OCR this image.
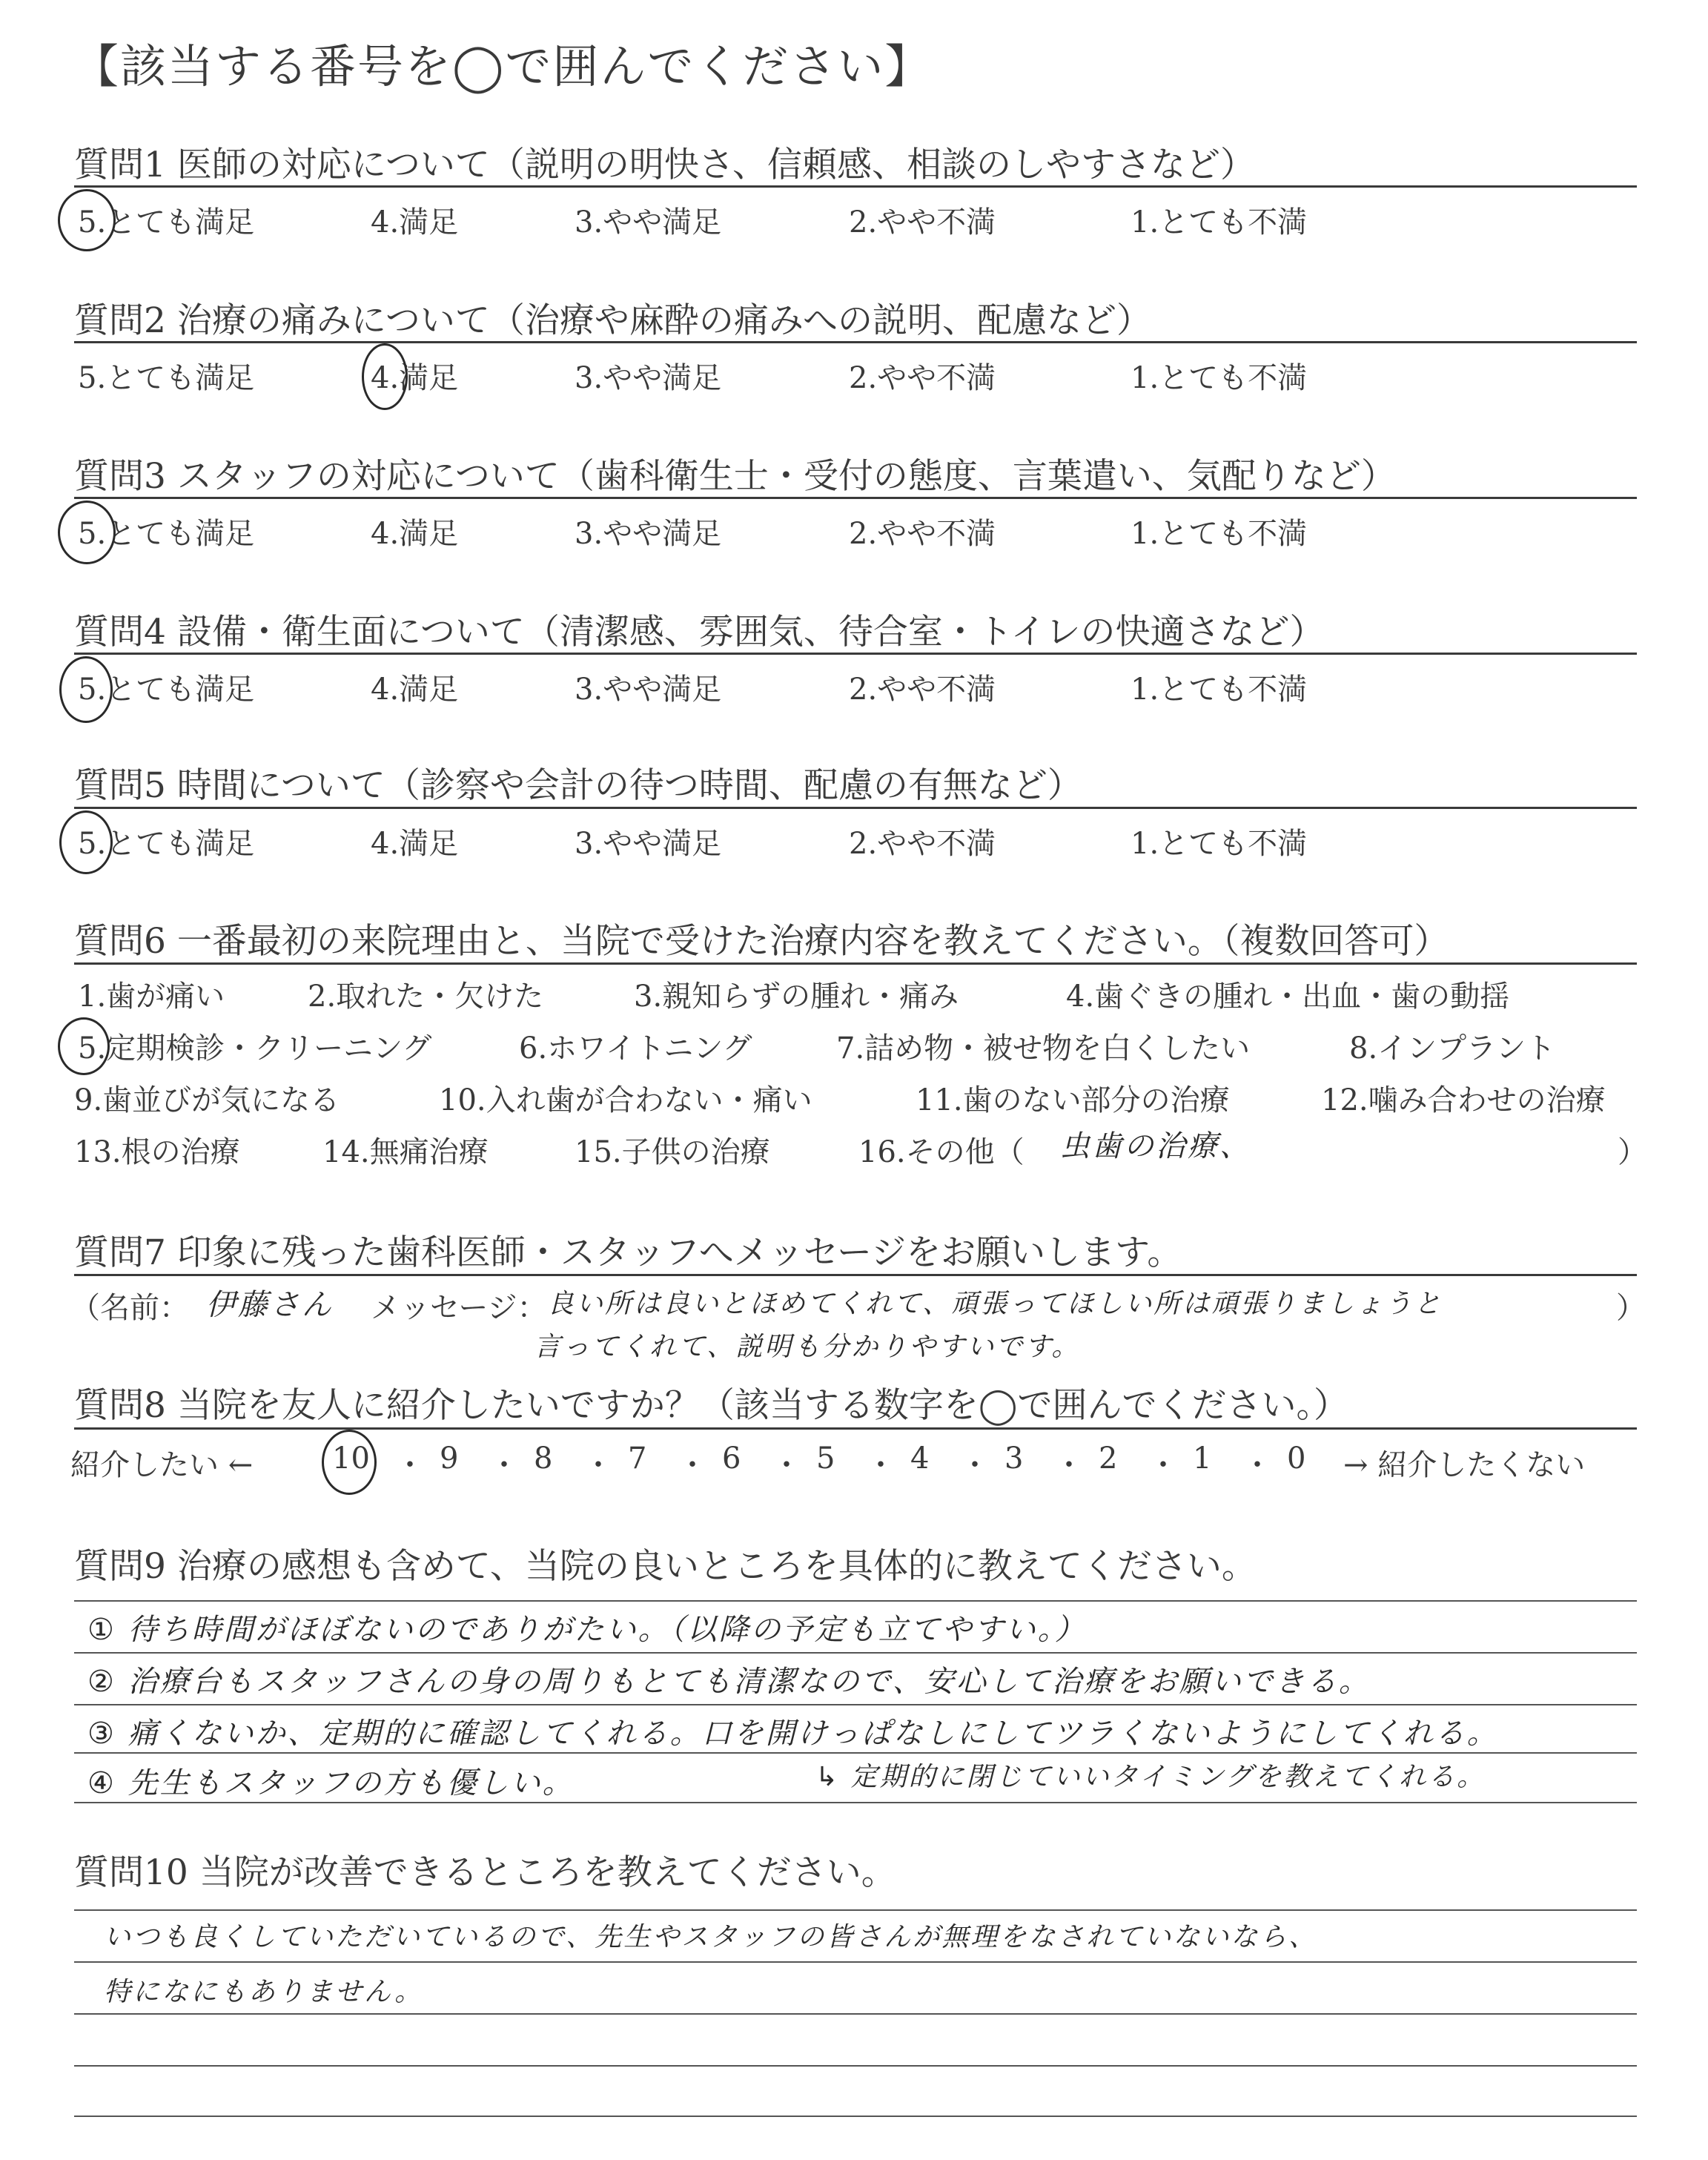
【該当する番号を◯で囲んでください】
質問1 医師の対応について（説明の明快さ、信頼感、相談のしやすさなど）
5.とても満足	4.満足	3.やや満足	2.やや不満	1.とても不満
質問2 治療の痛みについて（治療や麻酔の痛みへの説明、配慮など）
5.とても満足	4.満足	3.やや満足	2.やや不満	1.とても不満
質問3 スタッフの対応について（歯科衛生士・受付の態度、言葉遣い、気配りなど）
5.とても満足	4.満足	3.やや満足	2.やや不満	1.とても不満
質問4 設備・衛生面について（清潔感、雰囲気、待合室・トイレの快適さなど）
5.とても満足	4.満足	3.やや満足	2.やや不満	1.とても不満
質問5 時間について（診察や会計の待つ時間、配慮の有無など）
5.とても満足	4.満足	3.やや満足	2.やや不満	1.とても不満
質問6 一番最初の来院理由と、当院で受けた治療内容を教えてください。（複数回答可）
1.歯が痛い	2.取れた・欠けた	3.親知らずの腫れ・痛み	4.歯ぐきの腫れ・出血・歯の動揺
5.定期検診・クリーニング	6.ホワイトニング	7.詰め物・被せ物を白くしたい	8.インプラント
9.歯並びが気になる	10.入れ歯が合わない・痛い	11.歯のない部分の治療	12.噛み合わせの治療
13.根の治療	14.無痛治療	15.子供の治療	16.その他（ 虫歯の治療、	）
質問7 印象に残った歯科医師・スタッフへメッセージをお願いします。
（名前： 伊藤さん メッセージ： 良い所は良いとほめてくれて、頑張ってほしい所は頑張りましょうと	）
言ってくれて、説明も分かりやすいです。
質問8 当院を友人に紹介したいですか？（該当する数字を◯で囲んでください。）
紹介したい ←	10 ・ 9 ・ 8 ・ 7 ・ 6 ・ 5 ・ 4 ・ 3 ・ 2 ・ 1 ・ 0 → 紹介したくない
質問9 治療の感想も含めて、当院の良いところを具体的に教えてください。
① 待ち時間がほぼないのでありがたい。（以降の予定も立てやすい。）
② 治療台もスタッフさんの身の周りもとても清潔なので、安心して治療をお願いできる。
③ 痛くないか、定期的に確認してくれる。口を開けっぱなしにしてツラくないようにしてくれる。
④ 先生もスタッフの方も優しい。	↳ 定期的に閉じていいタイミングを教えてくれる。
質問10 当院が改善できるところを教えてください。
いつも良くしていただいているので、先生やスタッフの皆さんが無理をなされていないなら、
特になにもありません。
